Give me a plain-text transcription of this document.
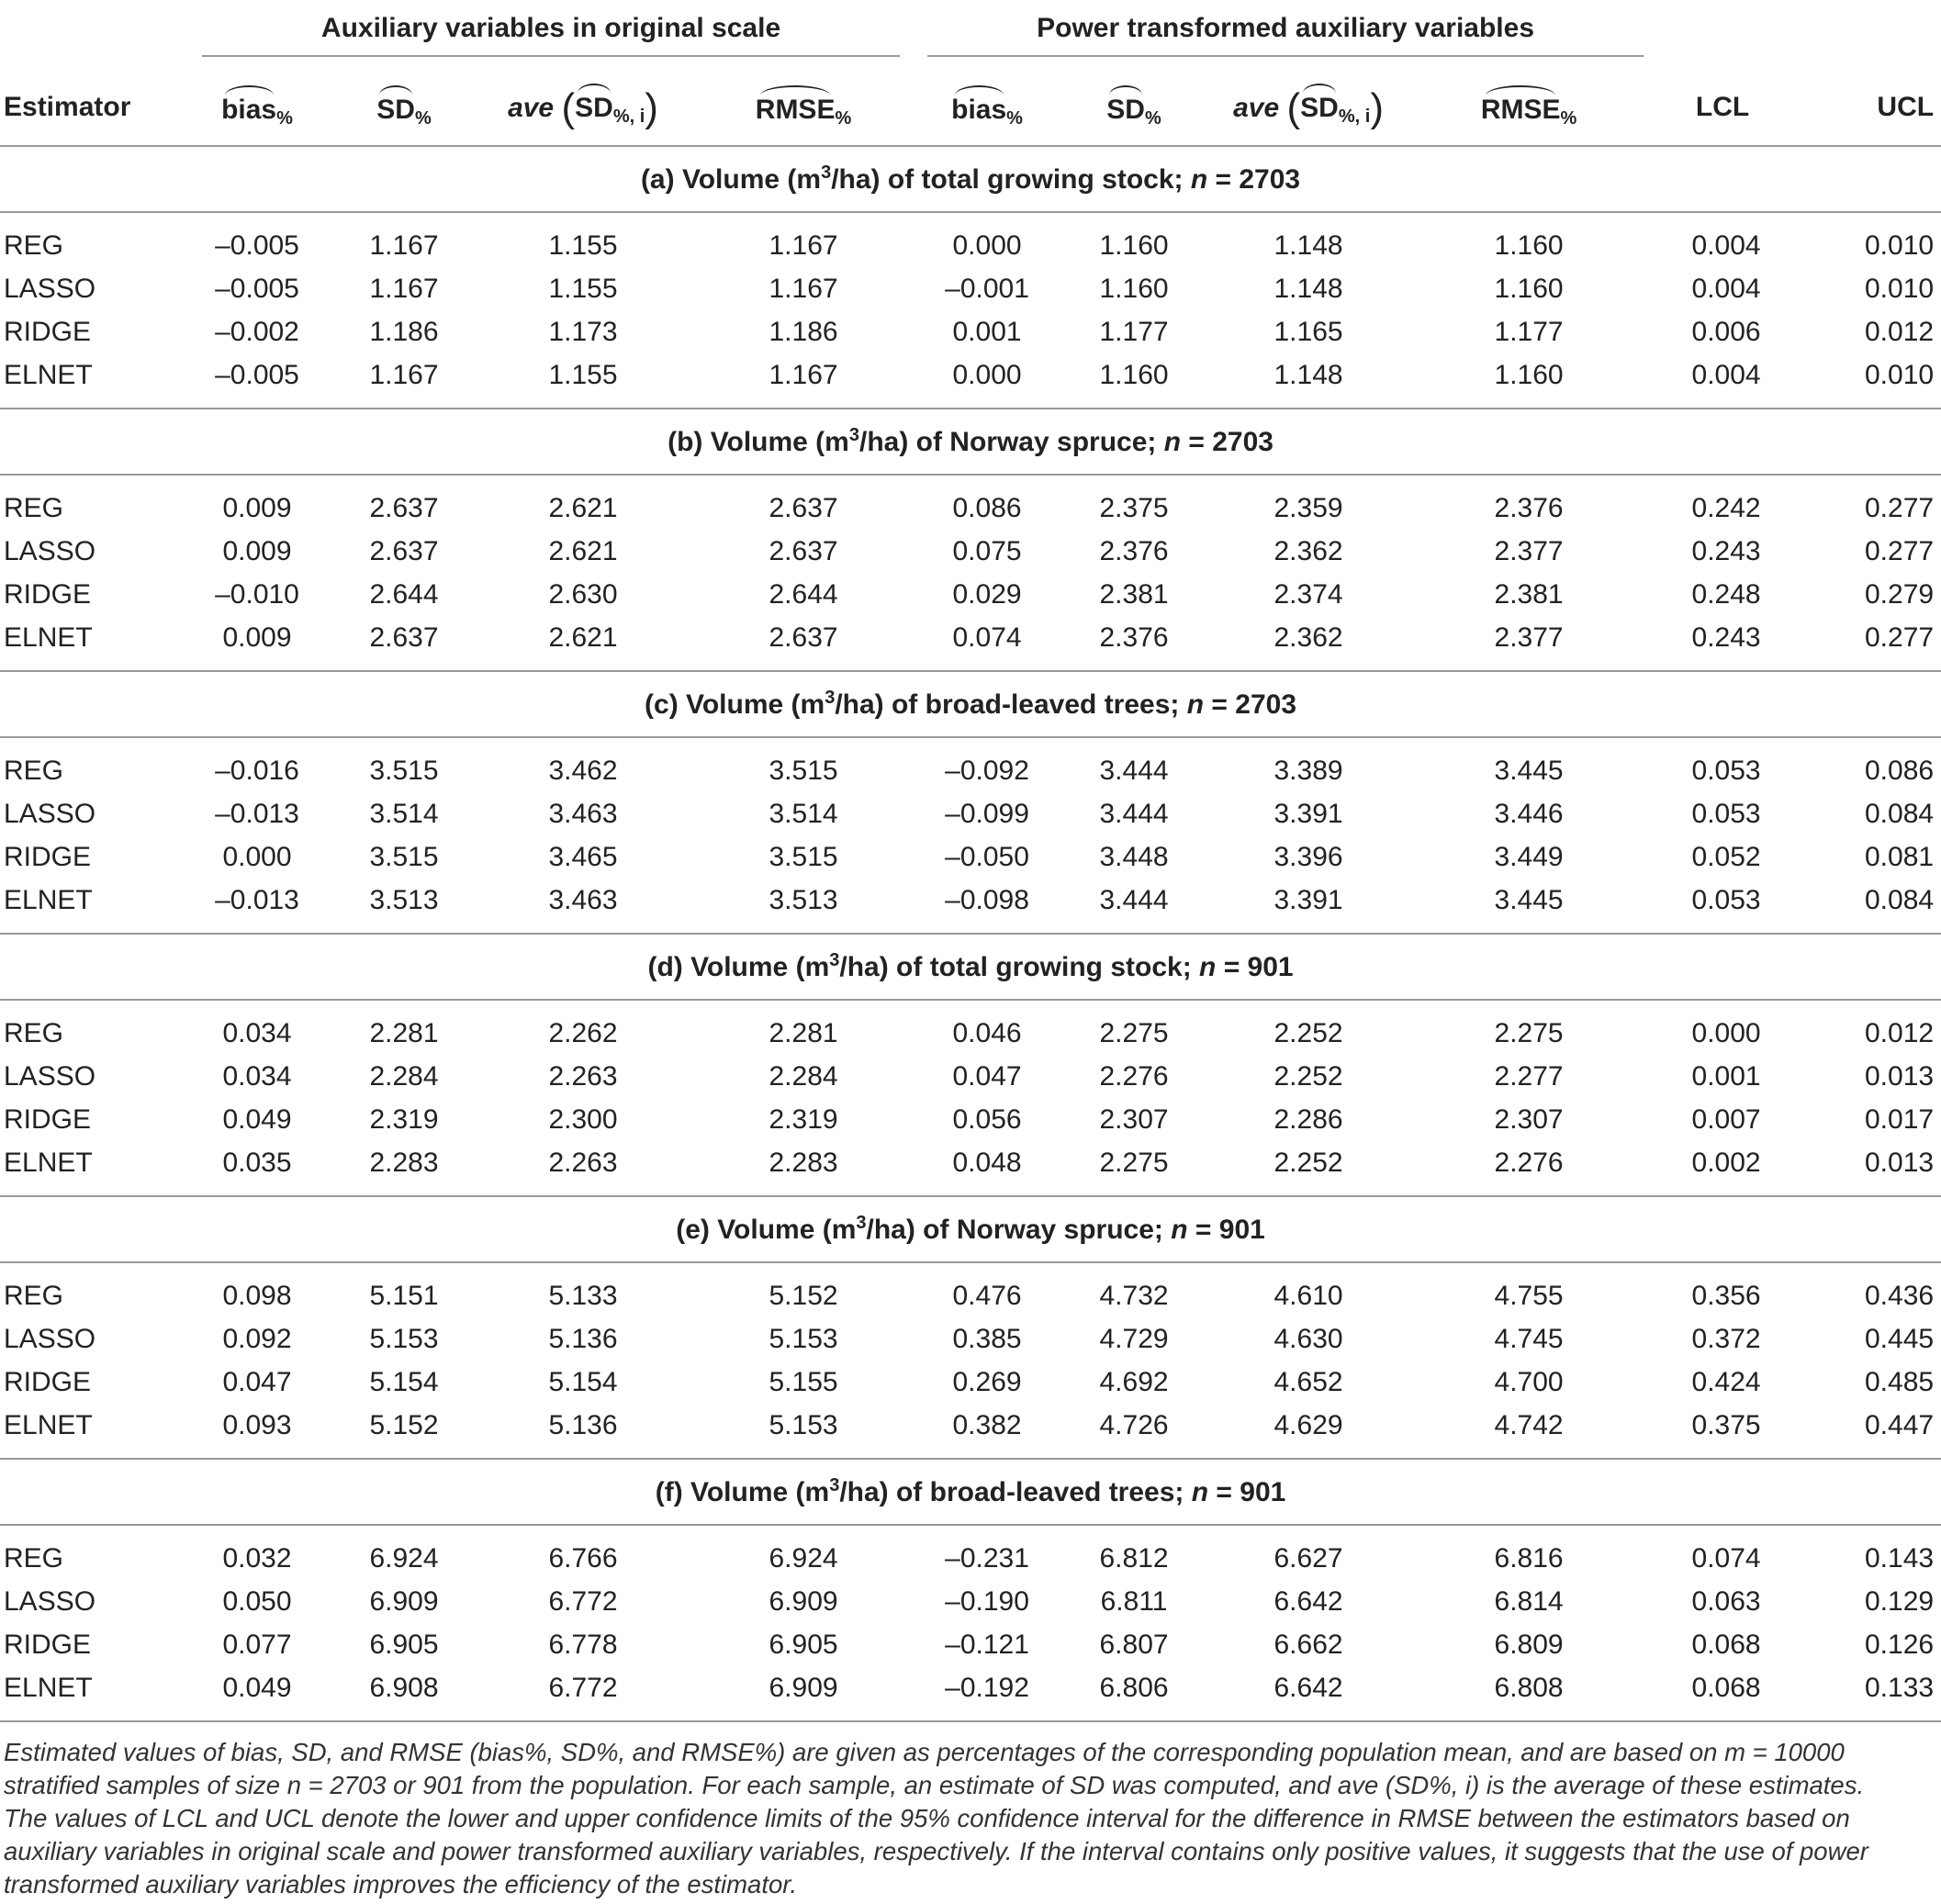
	Auxiliary variables in original scale				Power transformed auxiliary variables					

Estimator	bias$_{\%}$	$SD_{\%}$	ave $(SD_{\%, i})$	$RMSE_{\%}$	bias$_{\%}$	$SD_{\%}$	ave $(SD_{\%, i})$	$RMSE_{\%}$	LCL	UCL
(a) Volume $(m^3/ha)$ of total growing stock; n = 2703										
REG	–0.005	1.167	1.155	1.167	0.000	1.160	1.148	1.160	0.004	0.010
LASSO	–0.005	1.167	1.155	1.167	–0.001	1.160	1.148	1.160	0.004	0.010
RIDGE	–0.002	1.186	1.173	1.186	0.001	1.177	1.165	1.177	0.006	0.012
ELNET	–0.005	1.167	1.155	1.167	0.000	1.160	1.148	1.160	0.004	0.010
(b) Volume $(m^3/ha)$ of Norway spruce; n = 2703										
REG	0.009	2.637	2.621	2.637	0.086	2.375	2.359	2.376	0.242	0.277
LASSO	0.009	2.637	2.621	2.637	0.075	2.376	2.362	2.377	0.243	0.277
RIDGE	–0.010	2.644	2.630	2.644	0.029	2.381	2.374	2.381	0.248	0.279
ELNET	0.009	2.637	2.621	2.637	0.074	2.376	2.362	2.377	0.243	0.277
(c) Volume $(m^3/ha)$ of broad-leaved trees; n = 2703										
REG	–0.016	3.515	3.462	3.515	–0.092	3.444	3.389	3.445	0.053	0.086
LASSO	–0.013	3.514	3.463	3.514	–0.099	3.444	3.391	3.446	0.053	0.084
RIDGE	0.000	3.515	3.465	3.515	–0.050	3.448	3.396	3.449	0.052	0.081
ELNET	–0.013	3.513	3.463	3.513	–0.098	3.444	3.391	3.445	0.053	0.084
(d) Volume $(m^3/ha)$ of total growing stock; n = 901										
REG	0.034	2.281	2.262	2.281	0.046	2.275	2.252	2.275	0.000	0.012
LASSO	0.034	2.284	2.263	2.284	0.047	2.276	2.252	2.277	0.001	0.013
RIDGE	0.049	2.319	2.300	2.319	0.056	2.307	2.286	2.307	0.007	0.017
ELNET	0.035	2.283	2.263	2.283	0.048	2.275	2.252	2.276	0.002	0.013
(e) Volume $(m^3/ha)$ of Norway spruce; n = 901										
REG	0.098	5.151	5.133	5.152	0.476	4.732	4.610	4.755	0.356	0.436
LASSO	0.092	5.153	5.136	5.153	0.385	4.729	4.630	4.745	0.372	0.445
RIDGE	0.047	5.154	5.154	5.155	0.269	4.692	4.652	4.700	0.424	0.485
ELNET	0.093	5.152	5.136	5.153	0.382	4.726	4.629	4.742	0.375	0.447
(f) Volume $(m^3/ha)$ of broad-leaved trees; n = 901										
REG	0.032	6.924	6.766	6.924	–0.231	6.812	6.627	6.816	0.074	0.143
LASSO	0.050	6.909	6.772	6.909	–0.190	6.811	6.642	6.814	0.063	0.129
RIDGE	0.077	6.905	6.778	6.905	–0.121	6.807	6.662	6.809	0.068	0.126
ELNET	0.049	6.908	6.772	6.909	–0.192	6.806	6.642	6.808	0.068	0.133

Estimated values of bias, SD, and RMSE (bias%, SD%, and RMSE%) are given as percentages of the corresponding population mean, and are based on m = 10000

stratified samples of size n = 2703 or 901 from the population. For each sample, an estimate of SD was computed, and ave (SD%, i) is the average of these estimates.

The values of LCL and UCL denote the lower and upper confidence limits of the 95% confidence interval for the difference in RMSE between the estimators based on

auxiliary variables in original scale and power transformed auxiliary variables, respectively. If the interval contains only positive values, it suggests that the use of power

transformed auxiliary variables improves the efficiency of the estimator.
